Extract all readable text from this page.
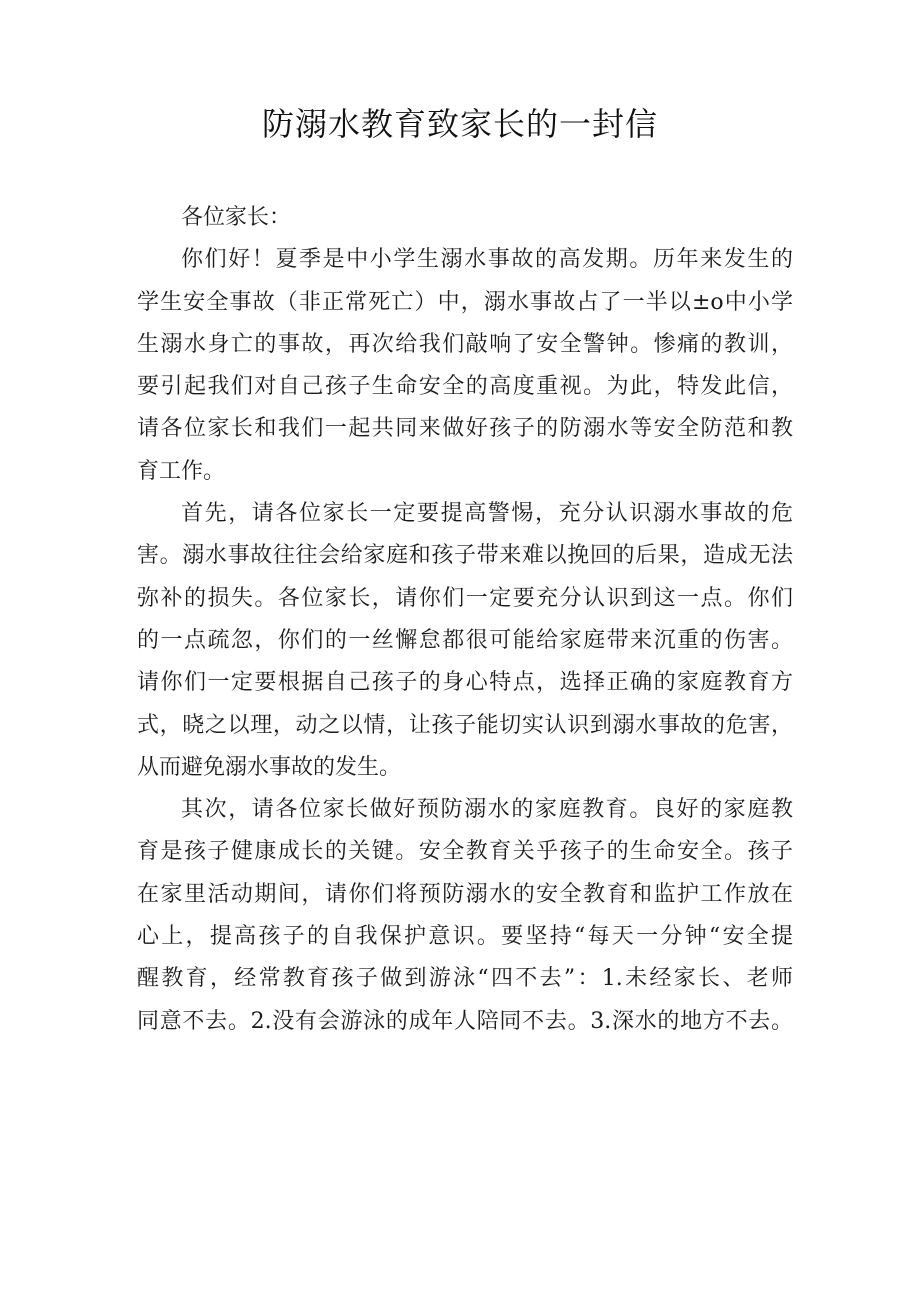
防溺水教育致家长的一封信
各位家长：
你们好！夏季是中小学生溺水事故的高发期。历年来发生的
学生安全事故（非正常死亡）中，溺水事故占了一半以±o中小学
生溺水身亡的事故，再次给我们敲响了安全警钟。惨痛的教训，
要引起我们对自己孩子生命安全的高度重视。为此，特发此信，
请各位家长和我们一起共同来做好孩子的防溺水等安全防范和教
育工作。
首先，请各位家长一定要提高警惕，充分认识溺水事故的危
害。溺水事故往往会给家庭和孩子带来难以挽回的后果，造成无法
弥补的损失。各位家长，请你们一定要充分认识到这一点。你们
的一点疏忽，你们的一丝懈怠都很可能给家庭带来沉重的伤害。
请你们一定要根据自己孩子的身心特点，选择正确的家庭教育方
式，晓之以理，动之以情，让孩子能切实认识到溺水事故的危害，
从而避免溺水事故的发生。
其次，请各位家长做好预防溺水的家庭教育。良好的家庭教
育是孩子健康成长的关键。安全教育关乎孩子的生命安全。孩子
在家里活动期间，请你们将预防溺水的安全教育和监护工作放在
心上，提高孩子的自我保护意识。要坚持“每天一分钟“安全提
醒教育，经常教育孩子做到游泳“四不去”：1.未经家长、老师
同意不去。2.没有会游泳的成年人陪同不去。3.深水的地方不去。
